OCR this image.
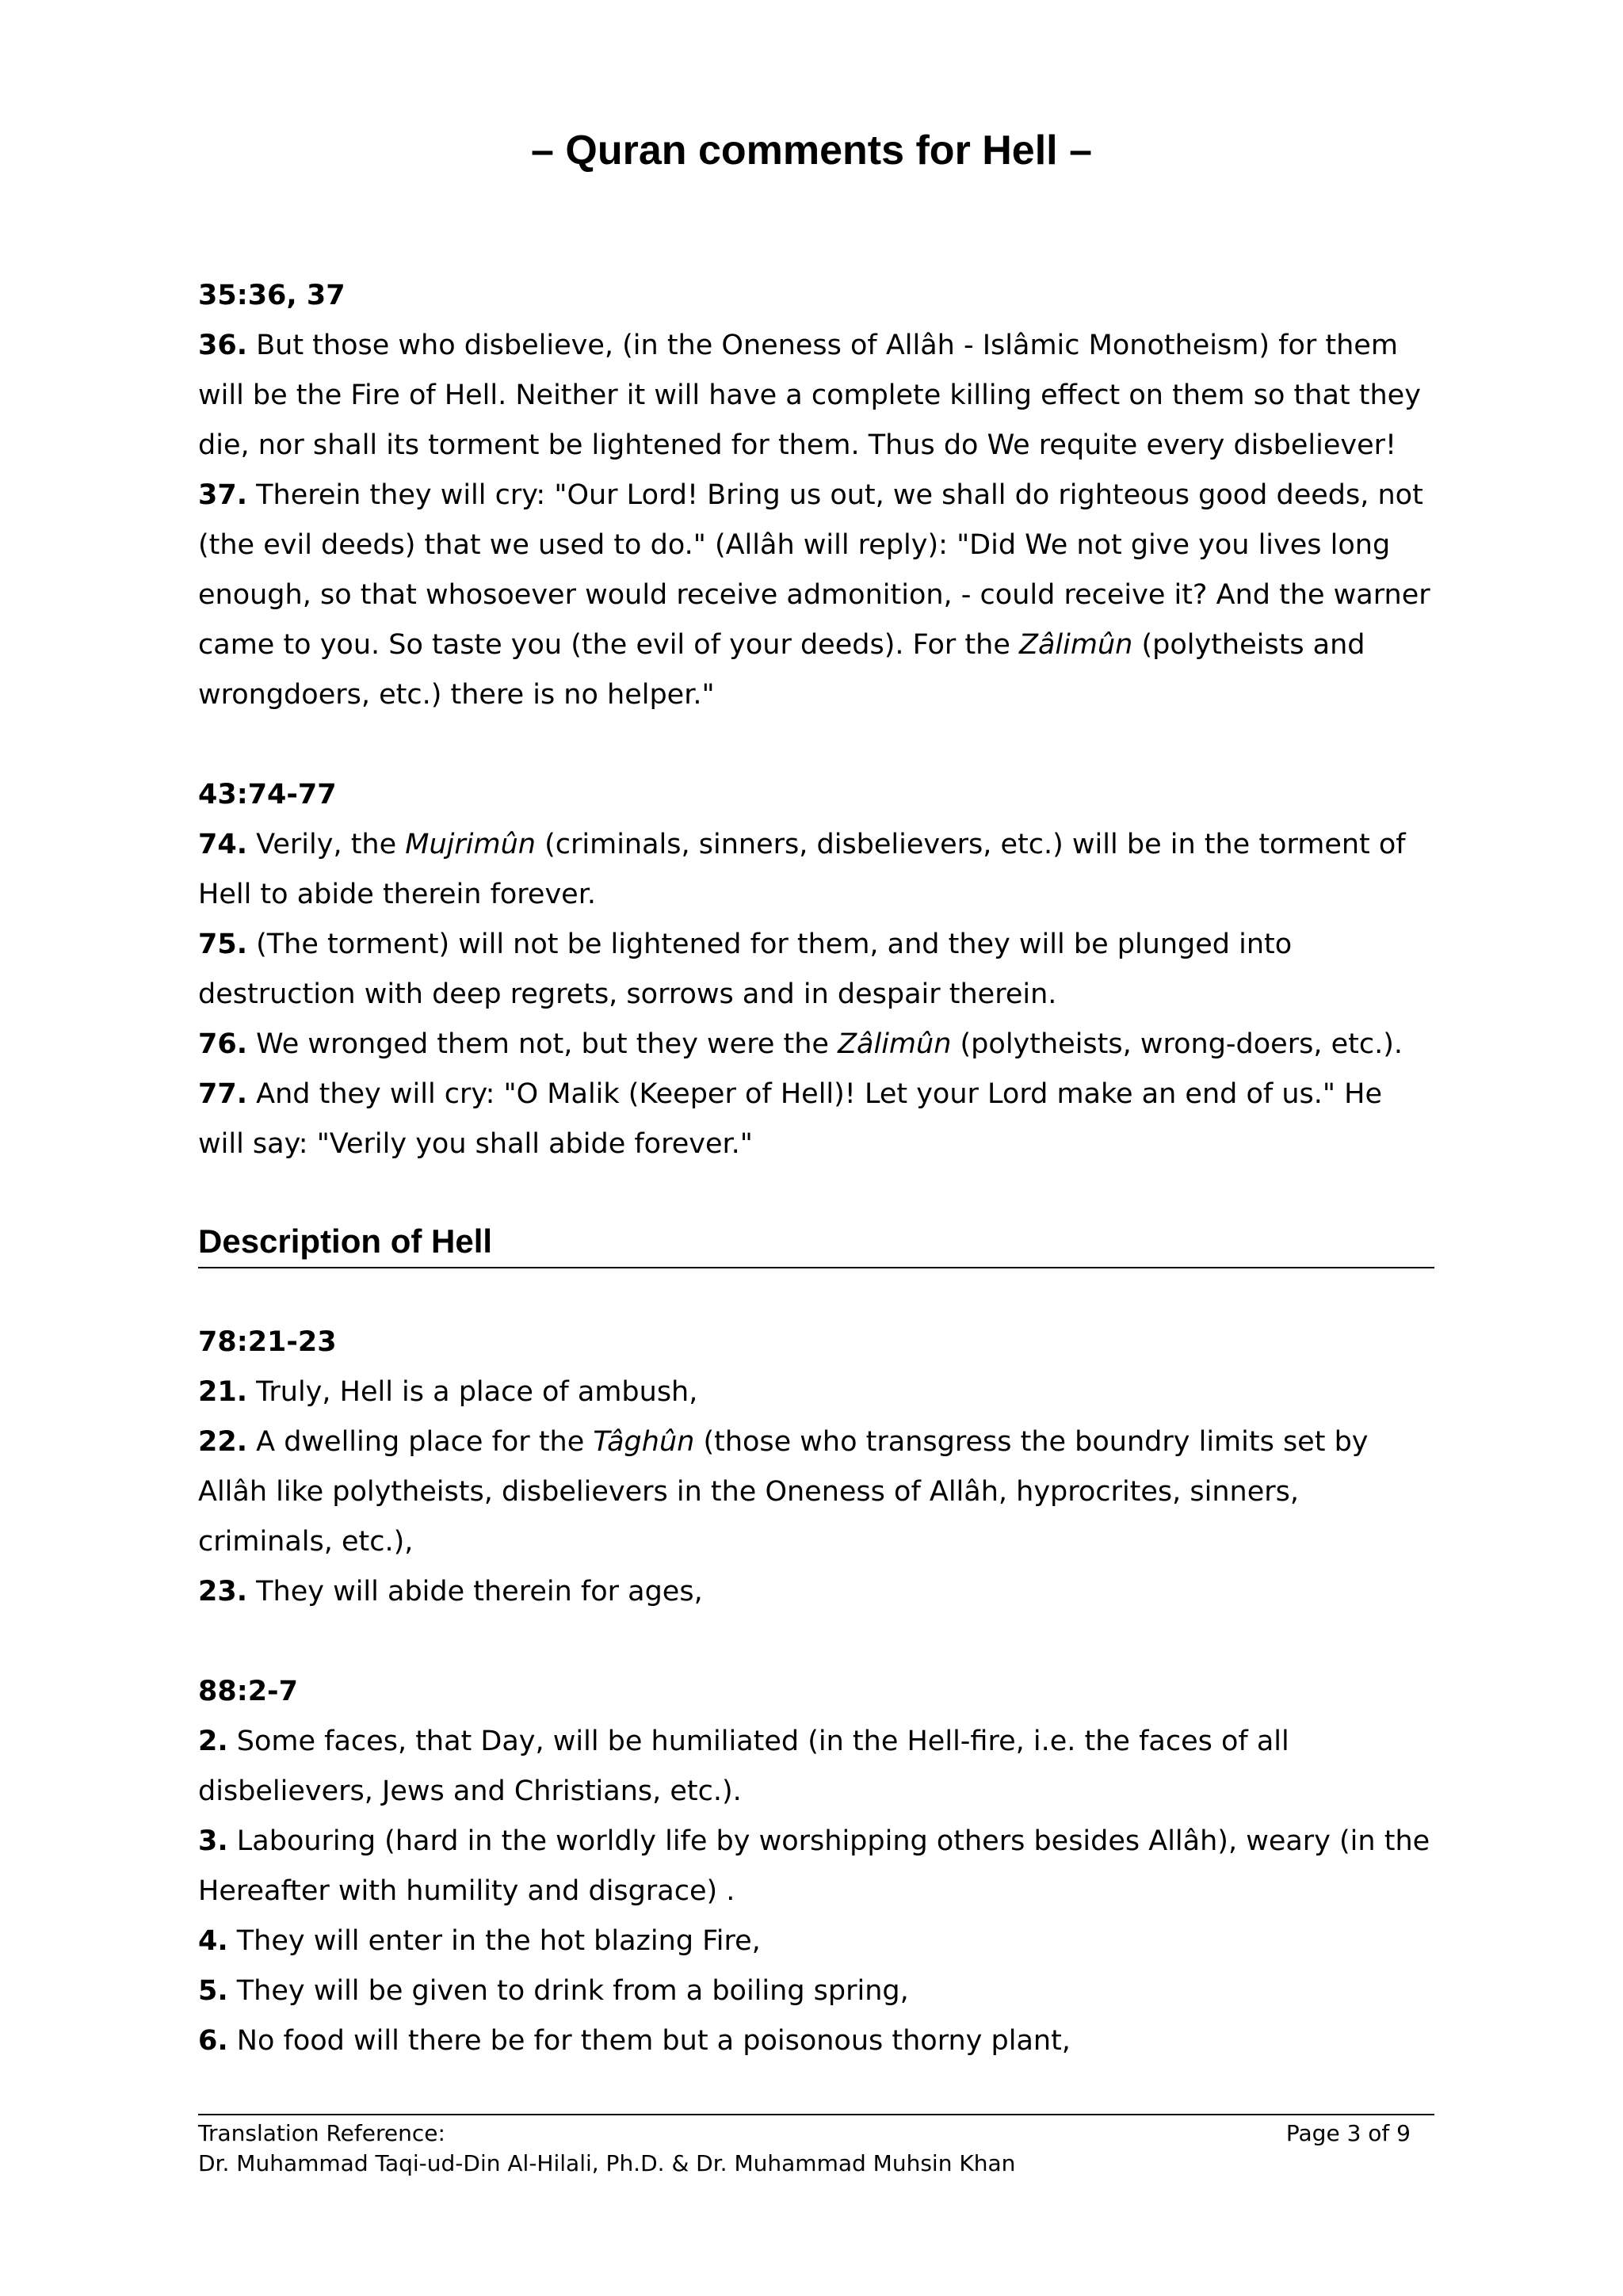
– Quran comments for Hell –
35:36, 37
36. But those who disbelieve, (in the Oneness of Allâh - Islâmic Monotheism) for them will be the Fire of Hell. Neither it will have a complete killing effect on them so that they die, nor shall its torment be lightened for them. Thus do We requite every disbeliever!
37. Therein they will cry: "Our Lord! Bring us out, we shall do righteous good deeds, not (the evil deeds) that we used to do." (Allâh will reply): "Did We not give you lives long enough, so that whosoever would receive admonition, - could receive it? And the warner came to you. So taste you (the evil of your deeds). For the Zâlimûn (polytheists and wrongdoers, etc.) there is no helper."
43:74-77
74. Verily, the Mujrimûn (criminals, sinners, disbelievers, etc.) will be in the torment of Hell to abide therein forever.
75. (The torment) will not be lightened for them, and they will be plunged into destruction with deep regrets, sorrows and in despair therein.
76. We wronged them not, but they were the Zâlimûn (polytheists, wrong-doers, etc.).
77. And they will cry: "O Malik (Keeper of Hell)! Let your Lord make an end of us." He will say: "Verily you shall abide forever."
Description of Hell
78:21-23
21. Truly, Hell is a place of ambush,
22. A dwelling place for the Tâghûn (those who transgress the boundry limits set by Allâh like polytheists, disbelievers in the Oneness of Allâh, hyprocrites, sinners, criminals, etc.),
23. They will abide therein for ages,
88:2-7
2. Some faces, that Day, will be humiliated (in the Hell-fire, i.e. the faces of all disbelievers, Jews and Christians, etc.).
3. Labouring (hard in the worldly life by worshipping others besides Allâh), weary (in the Hereafter with humility and disgrace) .
4. They will enter in the hot blazing Fire,
5. They will be given to drink from a boiling spring,
6. No food will there be for them but a poisonous thorny plant,
Translation Reference:	Page 3 of 9
Dr. Muhammad Taqi-ud-Din Al-Hilali, Ph.D. & Dr. Muhammad Muhsin Khan
